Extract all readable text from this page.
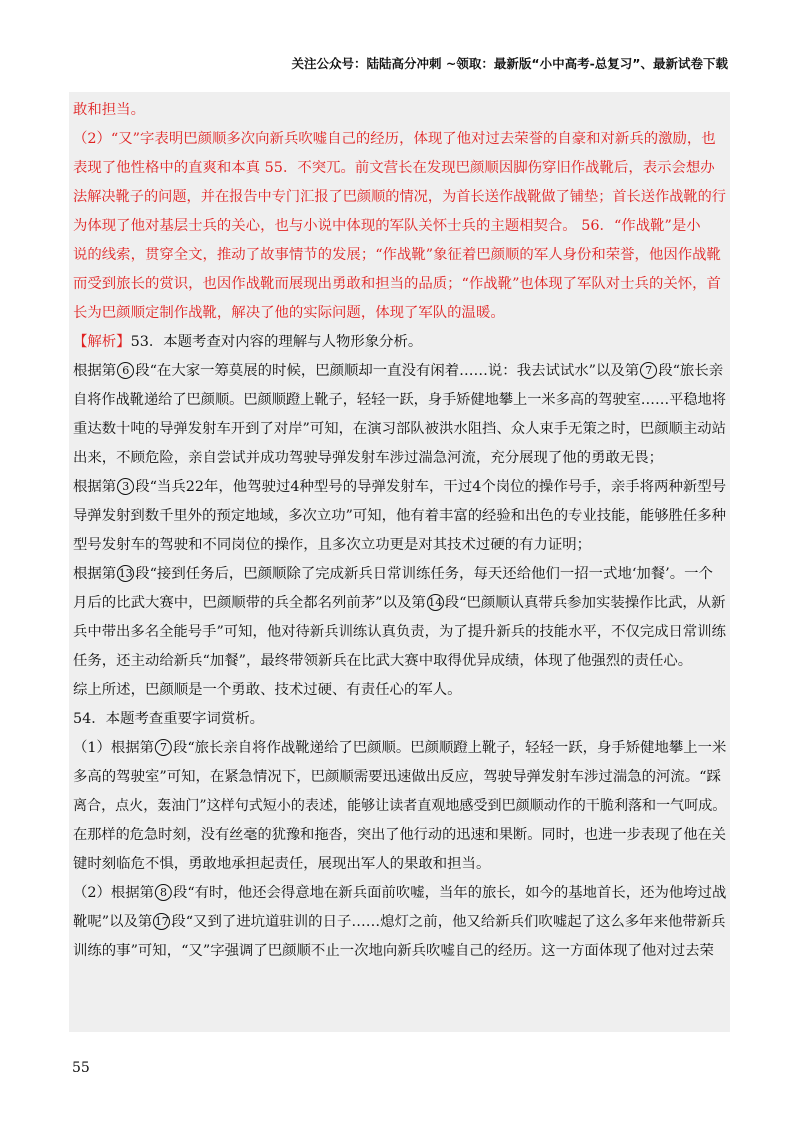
关注公众号：陆陆高分冲刺 ~领取：最新版“小中高考-总复习”、最新试卷下载
敢和担当。
（2）“又”字表明巴颜顺多次向新兵吹嘘自己的经历，体现了他对过去荣誉的自豪和对新兵的激励，也
表现了他性格中的直爽和本真 55．不突兀。前文营长在发现巴颜顺因脚伤穿旧作战靴后，表示会想办
法解决靴子的问题，并在报告中专门汇报了巴颜顺的情况，为首长送作战靴做了铺垫；首长送作战靴的行
为体现了他对基层士兵的关心，也与小说中体现的军队关怀士兵的主题相契合。 56．“作战靴”是小
说的线索，贯穿全文，推动了故事情节的发展；“作战靴”象征着巴颜顺的军人身份和荣誉，他因作战靴
而受到旅长的赏识，也因作战靴而展现出勇敢和担当的品质；“作战靴”也体现了军队对士兵的关怀，首
长为巴颜顺定制作战靴，解决了他的实际问题，体现了军队的温暖。
【解析】53．本题考查对内容的理解与人物形象分析。
根据第 6 段“在大家一筹莫展的时候，巴颜顺却一直没有闲着……说：我去试试水”以及第 7 段“旅长亲
自将作战靴递给了巴颜顺。巴颜顺蹬上靴子，轻轻一跃，身手矫健地攀上一米多高的驾驶室……平稳地将
重达数十吨的导弹发射车开到了对岸”可知，在演习部队被洪水阻挡、众人束手无策之时，巴颜顺主动站
出来，不顾危险，亲自尝试并成功驾驶导弹发射车涉过湍急河流，充分展现了他的勇敢无畏；
根据第 3 段“当兵22年，他驾驶过4种型号的导弹发射车，干过4个岗位的操作号手，亲手将两种新型号
导弹发射到数千里外的预定地域，多次立功”可知，他有着丰富的经验和出色的专业技能，能够胜任多种
型号发射车的驾驶和不同岗位的操作，且多次立功更是对其技术过硬的有力证明；
根据第 13 段“接到任务后，巴颜顺除了完成新兵日常训练任务，每天还给他们一招一式地‘加餐’。一个
月后的比武大赛中，巴颜顺带的兵全都名列前茅”以及第 14 段“巴颜顺认真带兵参加实装操作比武，从新
兵中带出多名全能号手”可知，他对待新兵训练认真负责，为了提升新兵的技能水平，不仅完成日常训练
任务，还主动给新兵“加餐”，最终带领新兵在比武大赛中取得优异成绩，体现了他强烈的责任心。
综上所述，巴颜顺是一个勇敢、技术过硬、有责任心的军人。
54．本题考查重要字词赏析。
（1）根据第 7 段“旅长亲自将作战靴递给了巴颜顺。巴颜顺蹬上靴子，轻轻一跃，身手矫健地攀上一米
多高的驾驶室”可知，在紧急情况下，巴颜顺需要迅速做出反应，驾驶导弹发射车涉过湍急的河流。“踩
离合，点火，轰油门”这样句式短小的表述，能够让读者直观地感受到巴颜顺动作的干脆利落和一气呵成。
在那样的危急时刻，没有丝毫的犹豫和拖沓，突出了他行动的迅速和果断。同时，也进一步表现了他在关
键时刻临危不惧，勇敢地承担起责任，展现出军人的果敢和担当。
（2）根据第 8 段“有时，他还会得意地在新兵面前吹嘘，当年的旅长，如今的基地首长，还为他垮过战
靴呢”以及第 17 段“又到了进坑道驻训的日子……熄灯之前，他又给新兵们吹嘘起了这么多年来他带新兵
训练的事”可知，“又”字强调了巴颜顺不止一次地向新兵吹嘘自己的经历。这一方面体现了他对过去荣
55
